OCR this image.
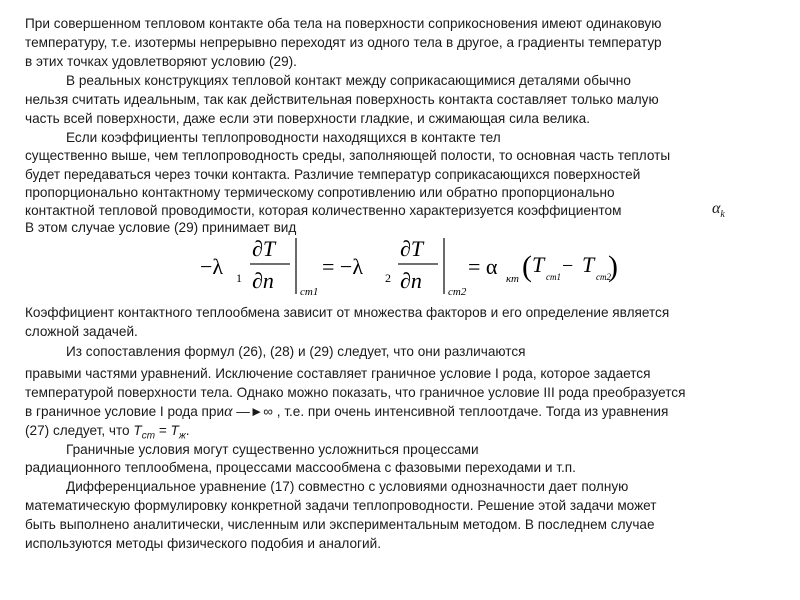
При совершенном тепловом контакте оба тела на поверхности соприкосновения имеют одинаковую
температуру, т.е. изотермы непрерывно переходят из одного тела в другое, а градиенты температур
в этих точках удовлетворяют условию (29).
В реальных конструкциях тепловой контакт между соприкасающимися деталями обычно
нельзя считать идеальным, так как действительная поверхность контакта составляет только малую
часть всей поверхности, даже если эти поверхности гладкие, и сжимающая сила велика.
Если коэффициенты теплопроводности находящихся в контакте тел
существенно выше, чем теплопроводность среды, заполняющей полости, то основная часть теплоты
будет передаваться через точки контакта. Различие температур соприкасающихся поверхностей
пропорционально контактному термическому сопротивлению или обратно пропорционально
контактной тепловой проводимости, которая количественно характеризуется коэффициентом	$\alpha_k$
В этом случае условие (29) принимает вид
−λ 1
∂T
∂n ст1
= −λ 2
∂T
∂n ст2
= α кт ( T ст1 − T ст2
)
Коэффициент контактного теплообмена зависит от множества факторов и его определение является
сложной задачей.
Из сопоставления формул (26), (28) и (29) следует, что они различаются
правыми частями уравнений. Исключение составляет граничное условие I рода, которое задается
температурой поверхности тела. Однако можно показать, что граничное условие III рода преобразуется
в граничное условие I рода приα —►∞ , т.е. при очень интенсивной теплоотдаче. Тогда из уравнения
(27) следует, что $Т_{ст} = Т_ж$.
Граничные условия могут существенно усложниться процессами
радиационного теплообмена, процессами массообмена с фазовыми переходами и т.п.
Дифференциальное уравнение (17) совместно с условиями однозначности дает полную
математическую формулировку конкретной задачи теплопроводности. Решение этой задачи может
быть выполнено аналитически, численным или экспериментальным методом. В последнем случае
используются методы физического подобия и аналогий.
